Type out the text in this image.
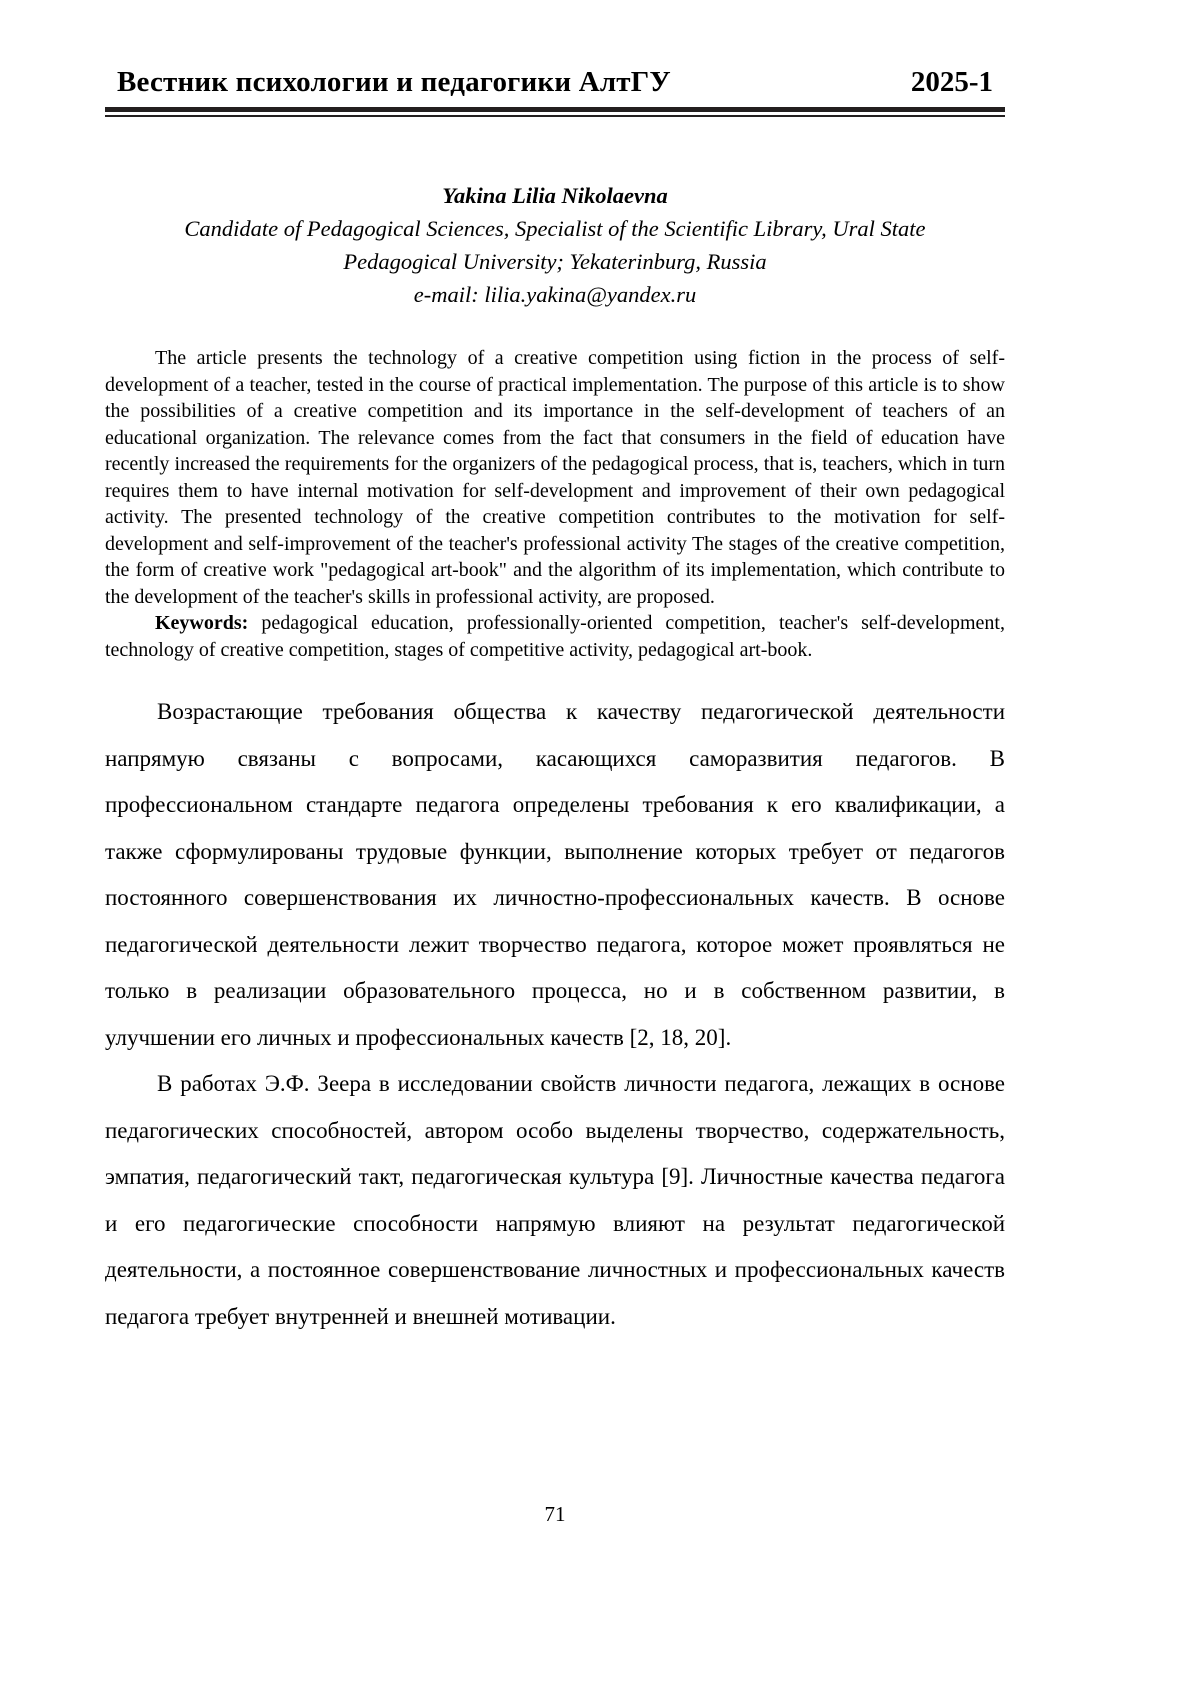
Вестник психологии и педагогики АлтГУ	2025-1
Yakina Lilia Nikolaevna
Candidate of Pedagogical Sciences, Specialist of the Scientific Library, Ural State
Pedagogical University; Yekaterinburg, Russia
e-mail: lilia.yakina@yandex.ru

The article presents the technology of a creative competition using fiction in the process of self-development of a teacher, tested in the course of practical implementation. The purpose of this article is to show the possibilities of a creative competition and its importance in the self-development of teachers of an educational organization. The relevance comes from the fact that consumers in the field of education have recently increased the requirements for the organizers of the pedagogical process, that is, teachers, which in turn requires them to have internal motivation for self-development and improvement of their own pedagogical activity. The presented technology of the creative competition contributes to the motivation for self-development and self-improvement of the teacher's professional activity The stages of the creative competition, the form of creative work "pedagogical art-book" and the algorithm of its implementation, which contribute to the development of the teacher's skills in professional activity, are proposed.

Keywords: pedagogical education, professionally-oriented competition, teacher's self-development, technology of creative competition, stages of competitive activity, pedagogical art-book.

Возрастающие требования общества к качеству педагогической деятельности напрямую связаны с вопросами, касающихся саморазвития педагогов. В профессиональном стандарте педагога определены требования к его квалификации, а также сформулированы трудовые функции, выполнение которых требует от педагогов постоянного совершенствования их личностно-профессиональных качеств. В основе педагогической деятельности лежит творчество педагога, которое может проявляться не только в реализации образовательного процесса, но и в собственном развитии, в улучшении его личных и профессиональных качеств [2, 18, 20].

В работах Э.Ф. Зеера в исследовании свойств личности педагога, лежащих в основе педагогических способностей, автором особо выделены творчество, содержательность, эмпатия, педагогический такт, педагогическая культура [9]. Личностные качества педагога и его педагогические способности напрямую влияют на результат педагогической деятельности, а постоянное совершенствование личностных и профессиональных качеств педагога требует внутренней и внешней мотивации.

71
